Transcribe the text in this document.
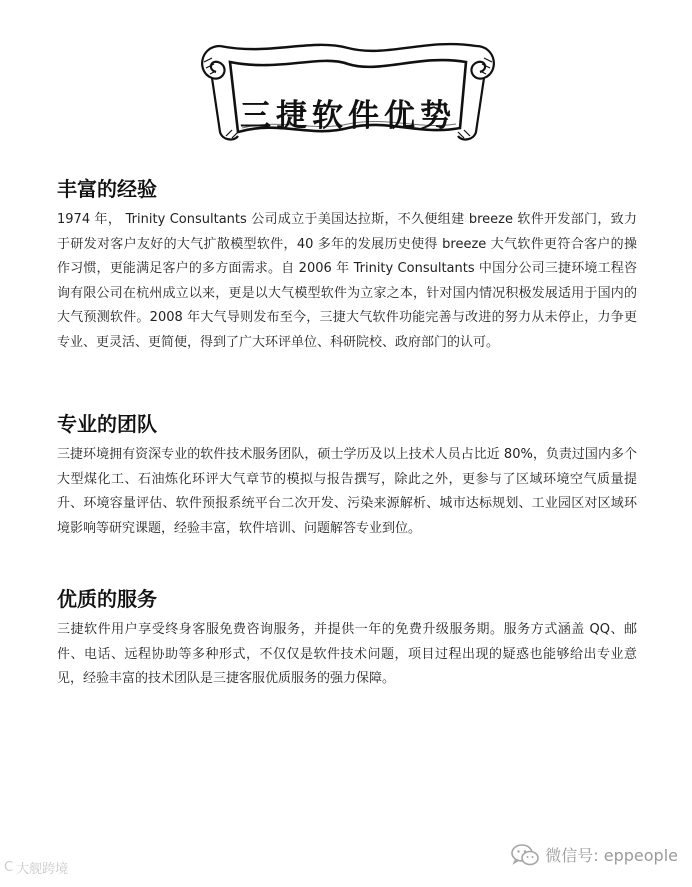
三捷软件优势
丰富的经验

1974 年， Trinity Consultants 公司成立于美国达拉斯，不久便组建 breeze 软件开发部门，致力于研发对客户友好的大气扩散模型软件，40 多年的发展历史使得 breeze 大气软件更符合客户的操作习惯，更能满足客户的多方面需求。自 2006 年 Trinity Consultants 中国分公司三捷环境工程咨询有限公司在杭州成立以来，更是以大气模型软件为立家之本，针对国内情况积极发展适用于国内的大气预测软件。2008 年大气导则发布至今，三捷大气软件功能完善与改进的努力从未停止，力争更专业、更灵活、更简便，得到了广大环评单位、科研院校、政府部门的认可。

专业的团队

三捷环境拥有资深专业的软件技术服务团队，硕士学历及以上技术人员占比近 80%，负责过国内多个大型煤化工、石油炼化环评大气章节的模拟与报告撰写，除此之外，更参与了区域环境空气质量提升、环境容量评估、软件预报系统平台二次开发、污染来源解析、城市达标规划、工业园区对区域环境影响等研究课题，经验丰富，软件培训、问题解答专业到位。

优质的服务

三捷软件用户享受终身客服免费咨询服务，并提供一年的免费升级服务期。服务方式涵盖 QQ、邮件、电话、远程协助等多种形式，不仅仅是软件技术问题，项目过程出现的疑惑也能够给出专业意见，经验丰富的技术团队是三捷客服优质服务的强力保障。

C 大舰跨境
微信号: eppeople
